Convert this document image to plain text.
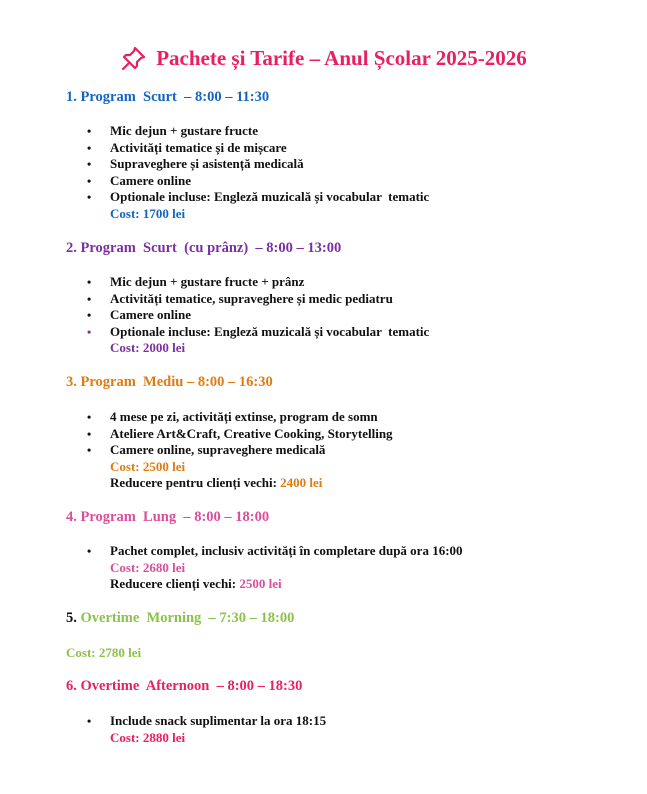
Pachete și Tarife – Anul Școlar 2025-2026
1. Program  Scurt  – 8:00 – 11:30
• Mic dejun + gustare fructe
• Activități tematice și de mișcare
• Supraveghere și asistență medicală
• Camere online
• Optionale incluse: Engleză muzicală și vocabular  tematic
Cost: 1700 lei
2. Program  Scurt  (cu prânz)  – 8:00 – 13:00
• Mic dejun + gustare fructe + prânz
• Activități tematice, supraveghere și medic pediatru
• Camere online
• Optionale incluse: Engleză muzicală și vocabular  tematic
Cost: 2000 lei
3. Program  Mediu – 8:00 – 16:30
• 4 mese pe zi, activități extinse, program de somn
• Ateliere Art&Craft, Creative Cooking, Storytelling
• Camere online, supraveghere medicală
Cost: 2500 lei
Reducere pentru clienți vechi: 2400 lei
4. Program  Lung  – 8:00 – 18:00
• Pachet complet, inclusiv activități în completare după ora 16:00
Cost: 2680 lei
Reducere clienți vechi: 2500 lei
5. Overtime  Morning  – 7:30 – 18:00
Cost: 2780 lei
6. Overtime  Afternoon  – 8:00 – 18:30
• Include snack suplimentar la ora 18:15
Cost: 2880 lei
